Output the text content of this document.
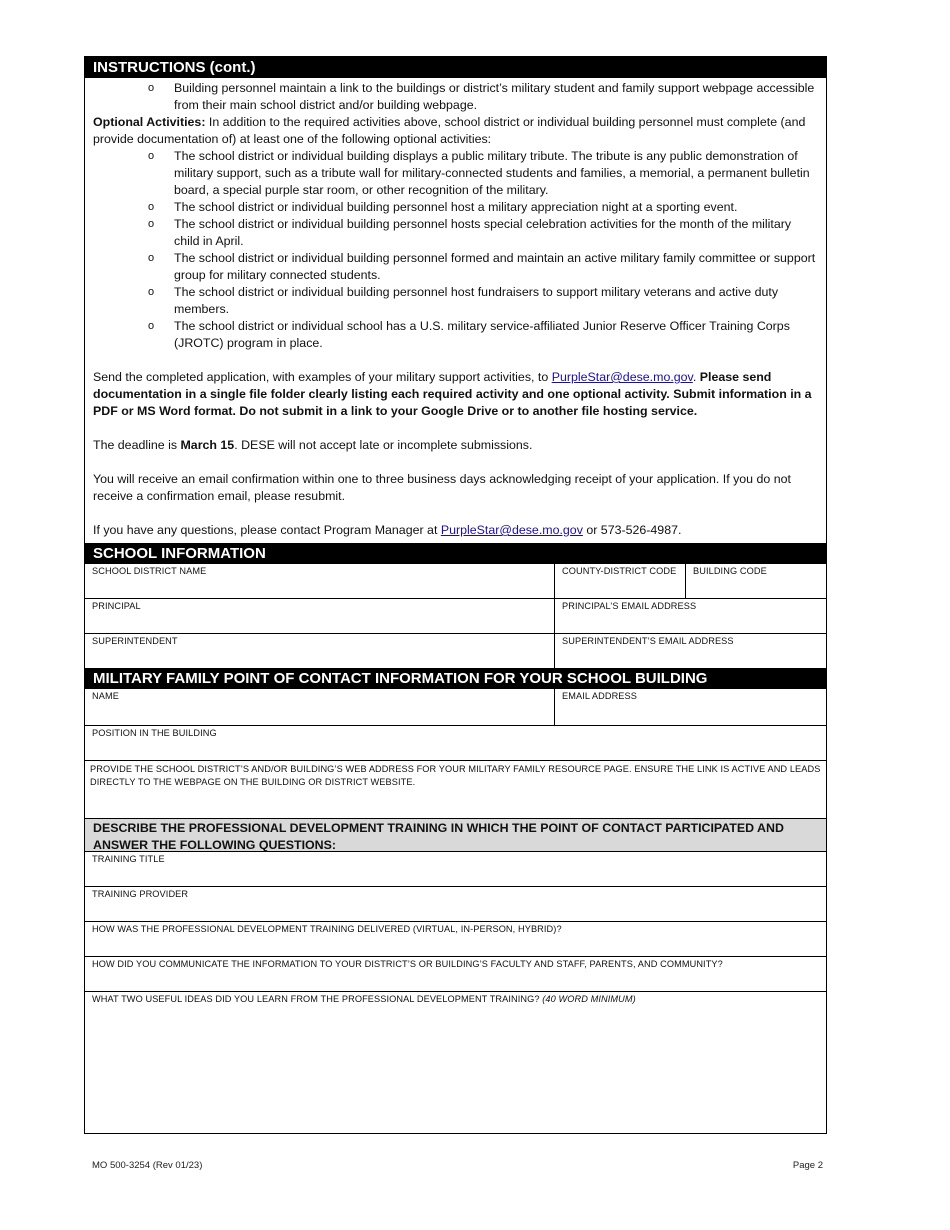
INSTRUCTIONS (cont.)
o Building personnel maintain a link to the buildings or district’s military student and family support webpage accessible from their main school district and/or building webpage.

Optional Activities: In addition to the required activities above, school district or individual building personnel must complete (and provide documentation of) at least one of the following optional activities:

o The school district or individual building displays a public military tribute. The tribute is any public demonstration of military support, such as a tribute wall for military-connected students and families, a memorial, a permanent bulletin board, a special purple star room, or other recognition of the military.
o The school district or individual building personnel host a military appreciation night at a sporting event.
o The school district or individual building personnel hosts special celebration activities for the month of the military child in April.
o The school district or individual building personnel formed and maintain an active military family committee or support group for military connected students.
o The school district or individual building personnel host fundraisers to support military veterans and active duty members.
o The school district or individual school has a U.S. military service-affiliated Junior Reserve Officer Training Corps (JROTC) program in place.

Send the completed application, with examples of your military support activities, to PurpleStar@dese.mo.gov. Please send documentation in a single file folder clearly listing each required activity and one optional activity. Submit information in a PDF or MS Word format. Do not submit in a link to your Google Drive or to another file hosting service.

The deadline is March 15. DESE will not accept late or incomplete submissions.

You will receive an email confirmation within one to three business days acknowledging receipt of your application. If you do not receive a confirmation email, please resubmit.

If you have any questions, please contact Program Manager at PurpleStar@dese.mo.gov or 573-526-4987.

SCHOOL INFORMATION
SCHOOL DISTRICT NAME	COUNTY-DISTRICT CODE	BUILDING CODE
PRINCIPAL	PRINCIPAL’S EMAIL ADDRESS
SUPERINTENDENT	SUPERINTENDENT’S EMAIL ADDRESS
MILITARY FAMILY POINT OF CONTACT INFORMATION FOR YOUR SCHOOL BUILDING
NAME	EMAIL ADDRESS
POSITION IN THE BUILDING
PROVIDE THE SCHOOL DISTRICT’S AND/OR BUILDING’S WEB ADDRESS FOR YOUR MILITARY FAMILY RESOURCE PAGE. ENSURE THE LINK IS ACTIVE AND LEADS DIRECTLY TO THE WEBPAGE ON THE BUILDING OR DISTRICT WEBSITE.
DESCRIBE THE PROFESSIONAL DEVELOPMENT TRAINING IN WHICH THE POINT OF CONTACT PARTICIPATED AND ANSWER THE FOLLOWING QUESTIONS:
TRAINING TITLE
TRAINING PROVIDER
HOW WAS THE PROFESSIONAL DEVELOPMENT TRAINING DELIVERED (VIRTUAL, IN-PERSON, HYBRID)?
HOW DID YOU COMMUNICATE THE INFORMATION TO YOUR DISTRICT’S OR BUILDING’S FACULTY AND STAFF, PARENTS, AND COMMUNITY?
WHAT TWO USEFUL IDEAS DID YOU LEARN FROM THE PROFESSIONAL DEVELOPMENT TRAINING? (40 WORD MINIMUM)
MO 500-3254 (Rev 01/23)	Page 2
